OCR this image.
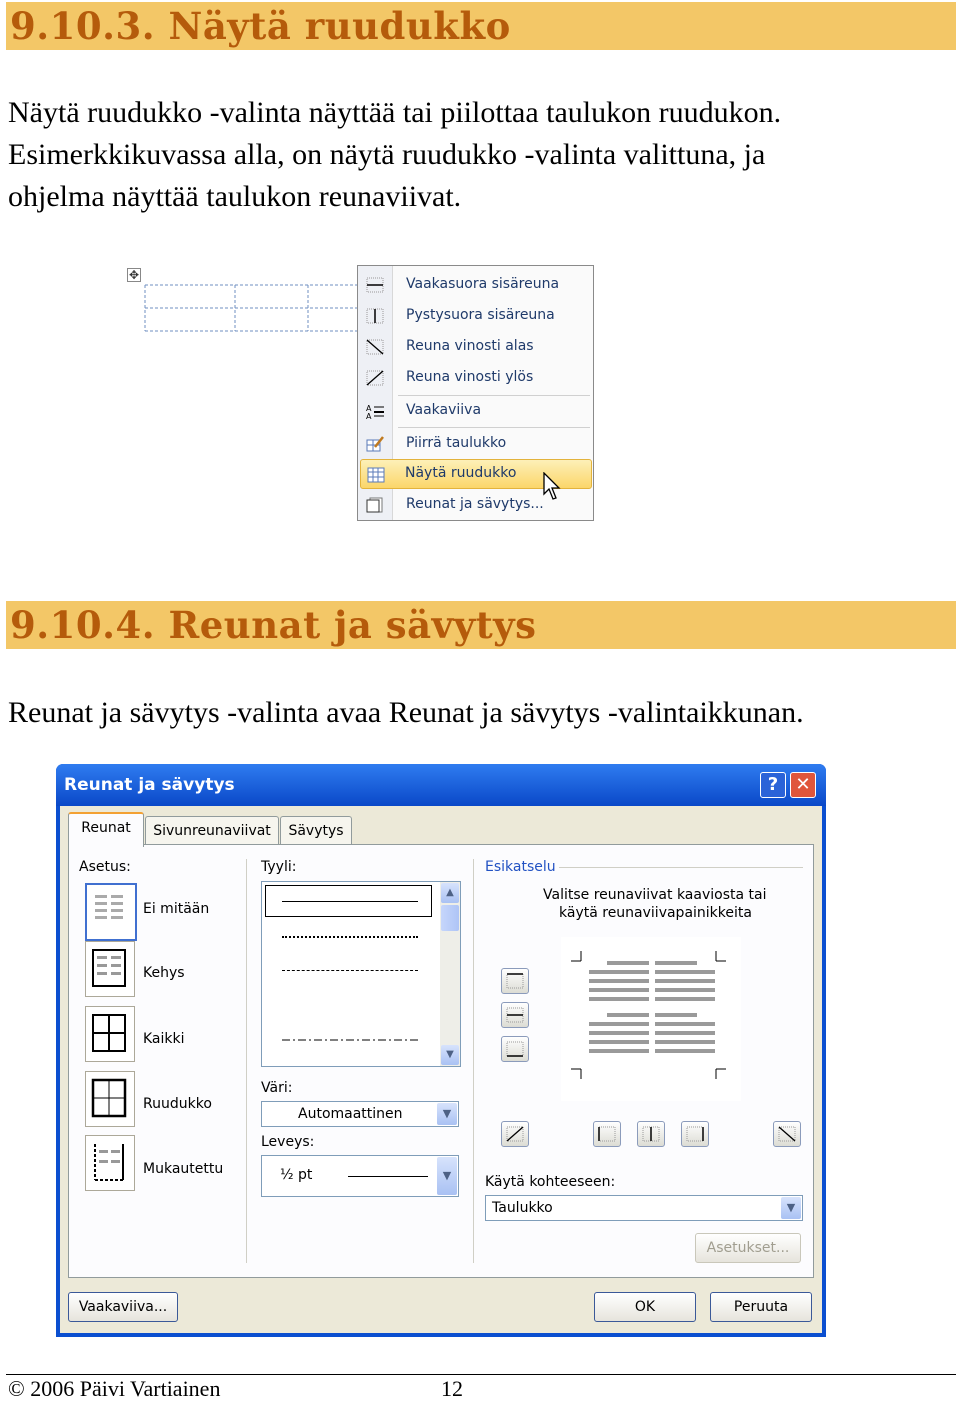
9.10.3. Näytä ruudukko
Näytä ruudukko -valinta näyttää tai piilottaa taulukon ruudukon.
Esimerkkikuvassa alla, on näytä ruudukko -valinta valittuna, ja
ohjelma näyttää taulukon reunaviivat.
✥
Vaakasuora sisäreuna
Pystysuora sisäreuna
Reuna vinosti alas
Reuna vinosti ylös
A
A Vaakaviiva
Piirrä taulukko
Näytä ruudukko
Reunat ja sävytys...
9.10.4. Reunat ja sävytys
Reunat ja sävytys -valinta avaa Reunat ja sävytys -valintaikkunan.
Reunat ja sävytys	? ✕
Reunat	Sivunreunaviivat	Sävytys
Asetus:
Ei mitään
Kehys
Kaikki
Ruudukko
Mukautettu
Tyyli:
▲
▼
Väri:
Automaattinen	▼
Leveys:
½ pt	▼
Esikatselu
Valitse reunaviivat kaaviosta tai
käytä reunaviivapainikkeita
Käytä kohteeseen:
Taulukko	▼
Asetukset...
Vaakaviiva...	OK	Peruuta
© 2006 Päivi Vartiainen	12
